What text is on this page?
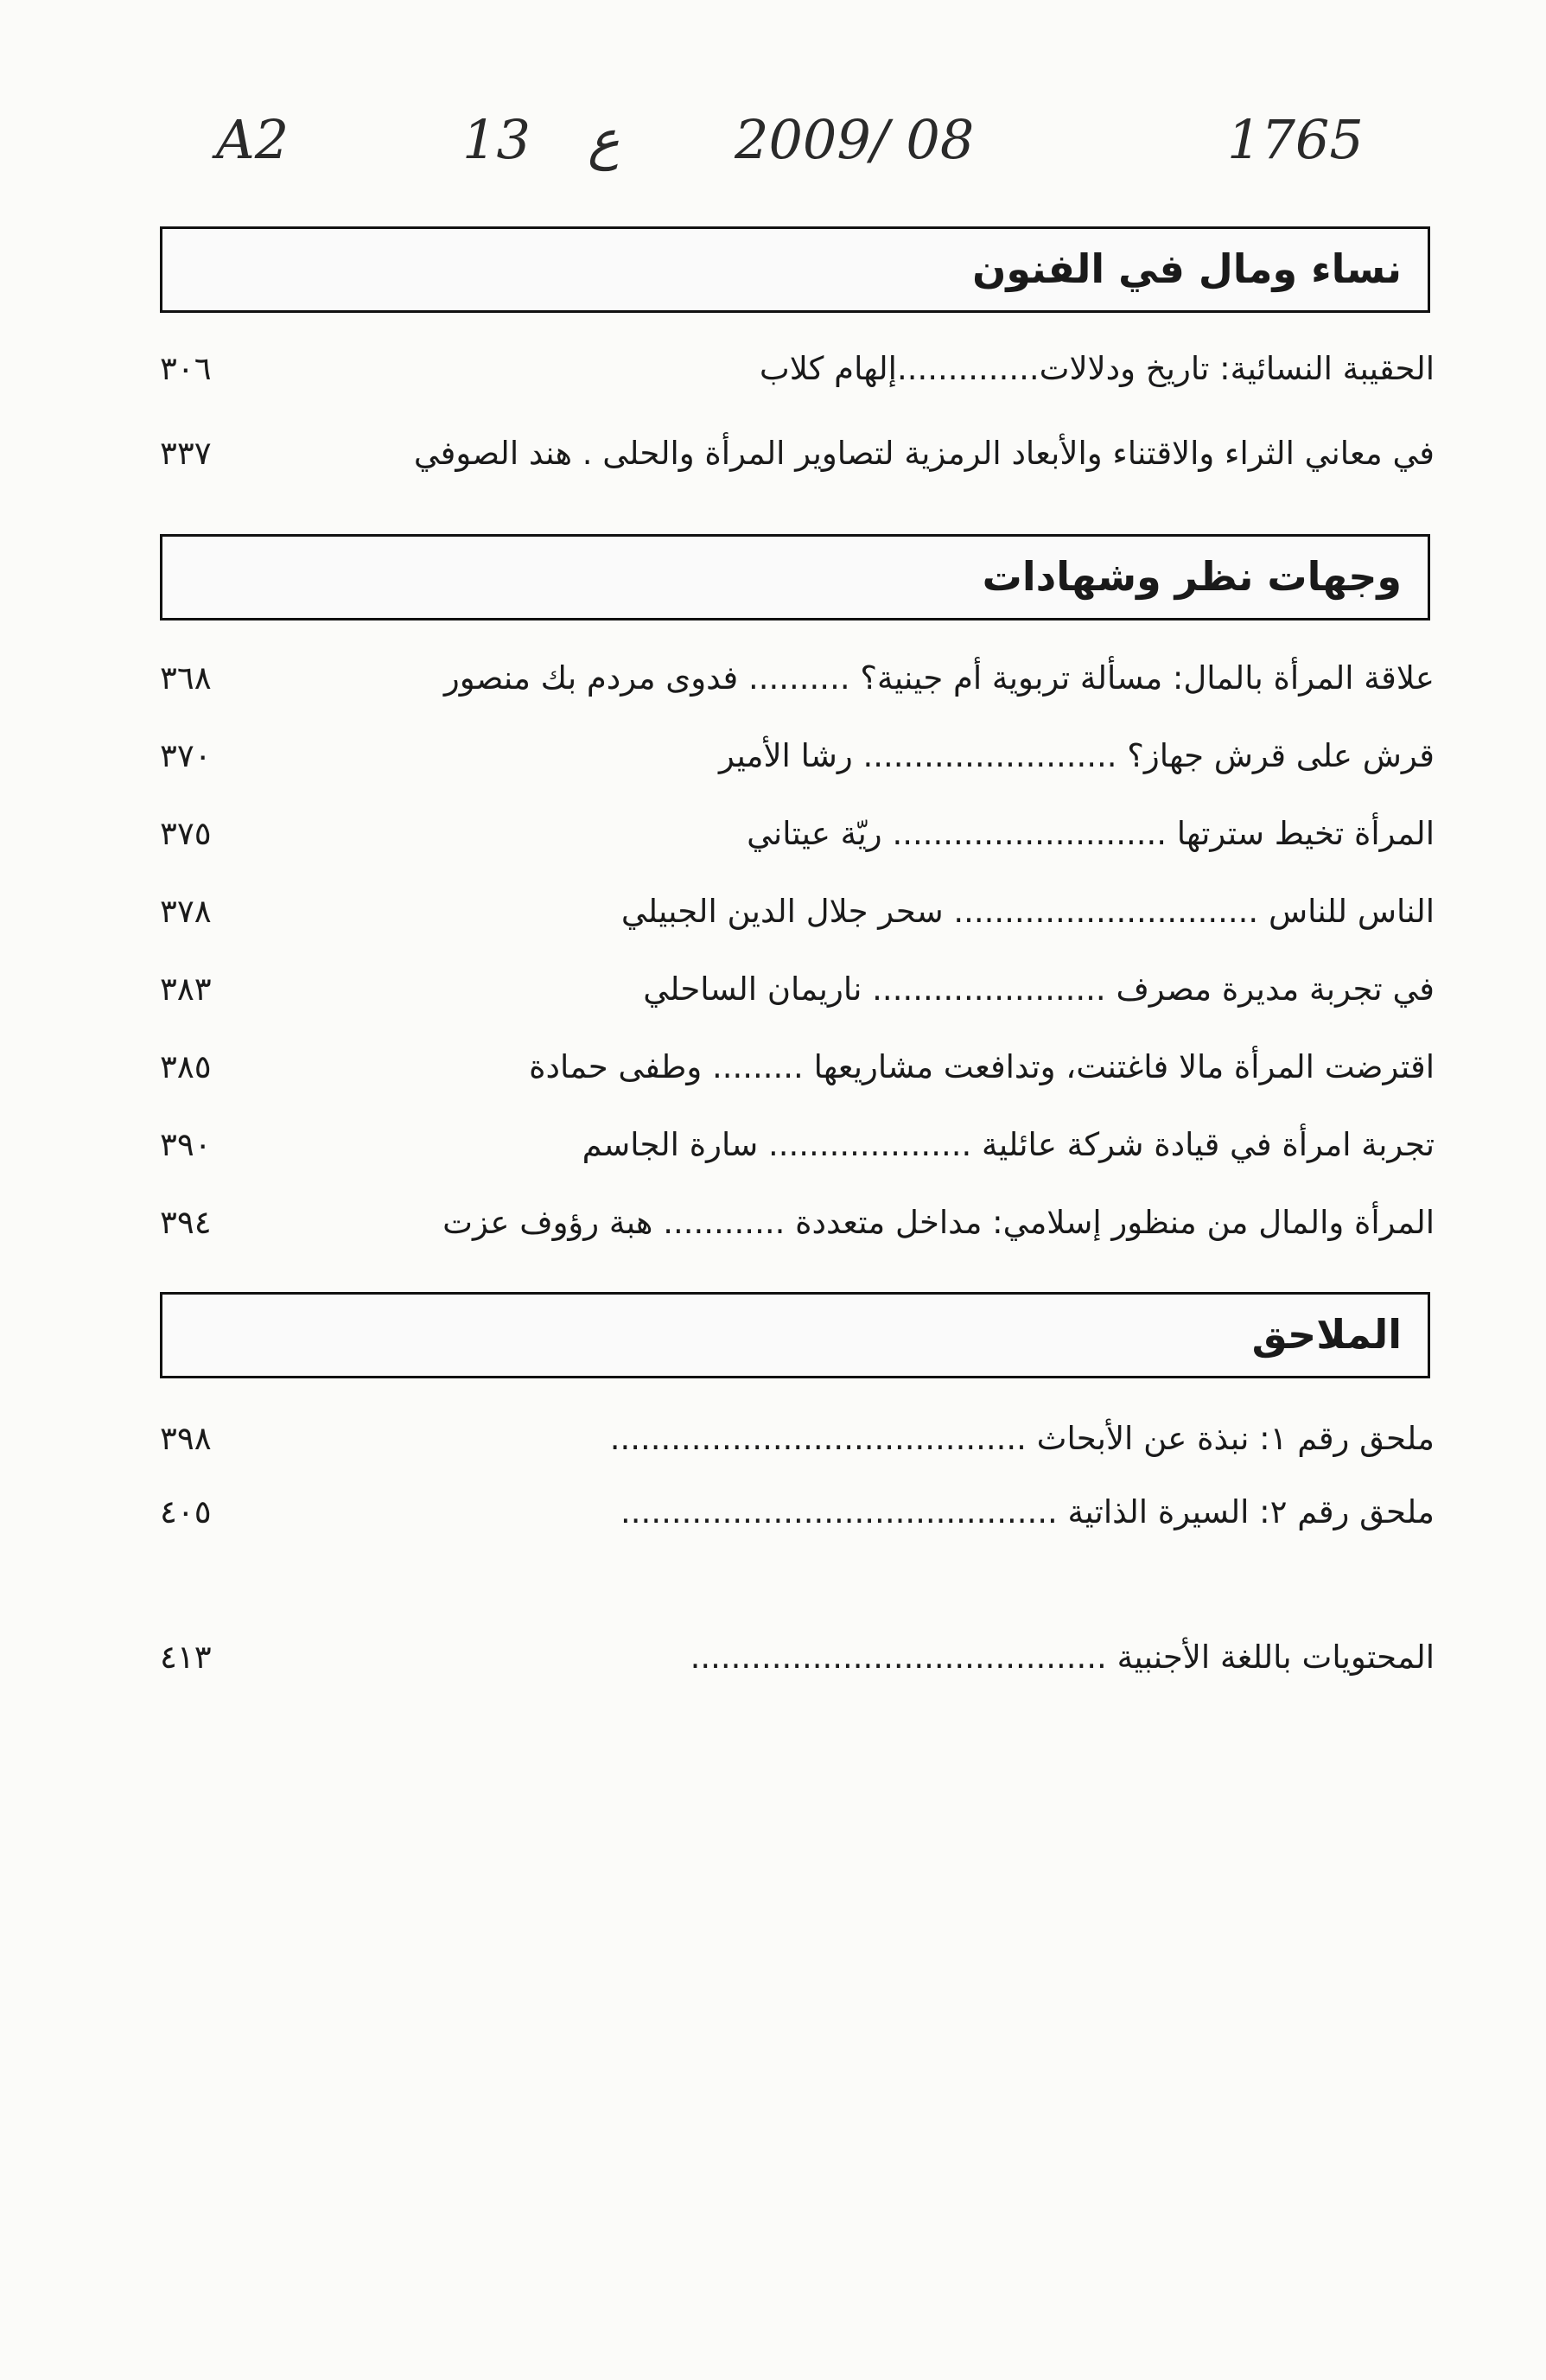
A2	13 ع 2009/ 08	1765
نساء ومال في الفنون
٣٠٦	الحقيبة النسائية: تاريخ ودلالات..............إلهام كلاب
٣٣٧	في معاني الثراء والاقتناء والأبعاد الرمزية لتصاوير المرأة والحلى . هند الصوفي
وجهات نظر وشهادات
٣٦٨	علاقة المرأة بالمال: مسألة تربوية أم جينية؟ .......... فدوى مردم بك منصور
٣٧٠	قرش على قرش جهاز؟ ......................... رشا الأمير
٣٧٥	المرأة تخيط سترتها ........................... ريّة عيتاني
٣٧٨	الناس للناس .............................. سحر جلال الدين الجبيلي
٣٨٣	في تجربة مديرة مصرف ....................... ناريمان الساحلي
٣٨٥	اقترضت المرأة مالا فاغتنت، وتدافعت مشاريعها ......... وطفى حمادة
٣٩٠	تجربة امرأة في قيادة شركة عائلية .................... سارة الجاسم
٣٩٤	المرأة والمال من منظور إسلامي: مداخل متعددة ............ هبة رؤوف عزت
الملاحق
٣٩٨	ملحق رقم ١: نبذة عن الأبحاث .........................................
٤٠٥	ملحق رقم ٢: السيرة الذاتية ...........................................
٤١٣	المحتويات باللغة الأجنبية .........................................
